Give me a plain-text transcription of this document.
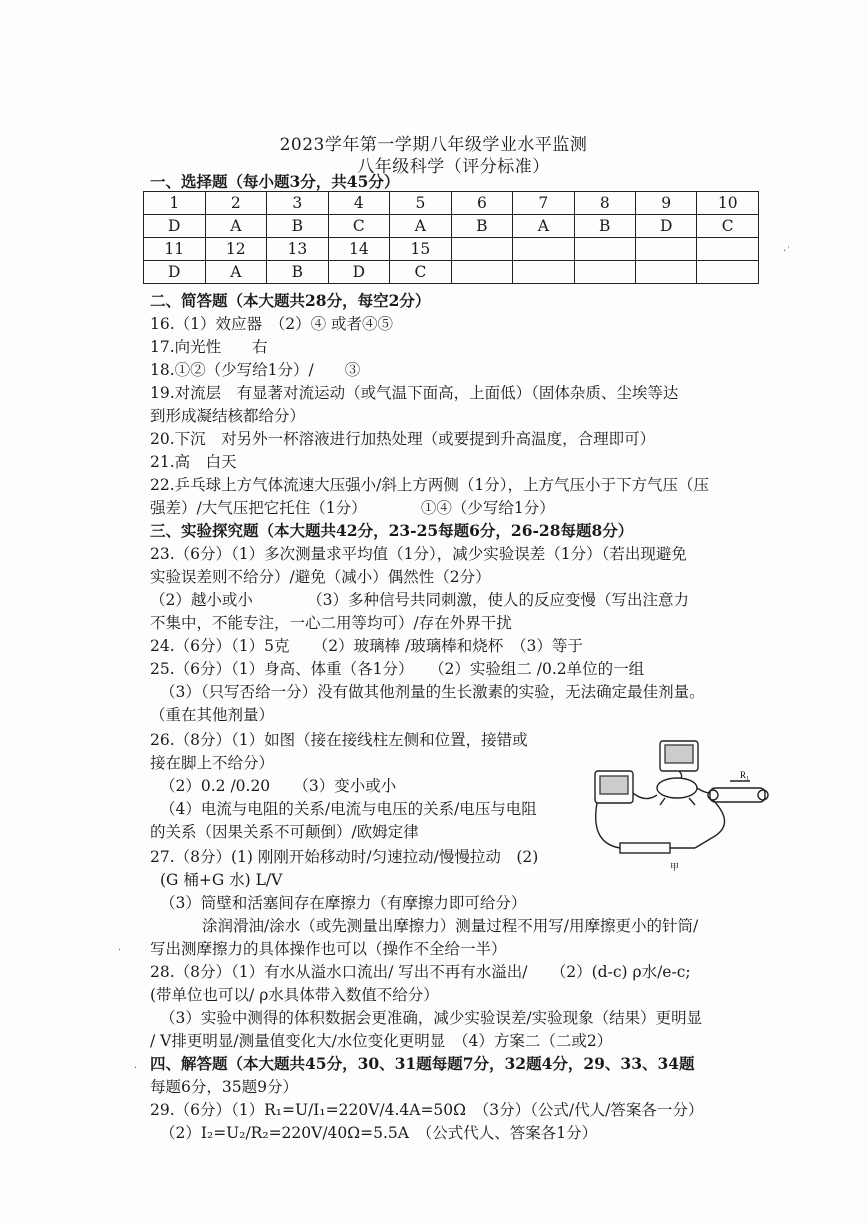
2023学年第一学期八年级学业水平监测
八年级科学（评分标准）
一、选择题（每小题3分，共45分）
1	2	3	4	5	6	7	8	9	10
D	A	B	C	A	B	A	B	D	C
11	12	13	14	15					
D	A	B	D	C					
二、简答题（本大题共28分，每空2分）
16.（1）效应器　（2）④ 或者④⑤
17.向光性　　右
18.①②（少写给1分）/　　③
19.对流层　有显著对流运动（或气温下面高，上面低）（固体杂质、尘埃等达
到形成凝结核都给分）
20.下沉　对另外一杯溶液进行加热处理（或要提到升高温度，合理即可）
21.高　白天
22.乒乓球上方气体流速大压强小/斜上方两侧（1分），上方气压小于下方气压（压
强差）/大气压把它托住（1分）　　　　①④（少写给1分）
三、实验探究题（本大题共42分，23-25每题6分，26-28每题8分）
23.（6分）（1）多次测量求平均值（1分），减少实验误差（1分）（若出现避免
实验误差则不给分）/避免（减小）偶然性（2分）
（2）越小或小　　　　（3）多种信号共同刺激，使人的反应变慢（写出注意力
不集中，不能专注，一心二用等均可）/存在外界干扰
24.（6分）（1）5克　　（2）玻璃棒 /玻璃棒和烧杯　（3）等于
25.（6分）（1）身高、体重（各1分）　　（2）实验组二 /0.2单位的一组
（3）（只写否给一分）没有做其他剂量的生长激素的实验，无法确定最佳剂量。
（重在其他剂量）
26.（8分）（1）如图（接在接线柱左侧和位置，接错或
接在脚上不给分）
（2）0.2 /0.20　　（3）变小或小
（4）电流与电阻的关系/电流与电压的关系/电压与电阻
的关系（因果关系不可颠倒）/欧姆定律
27.（8分）(1) 刚刚开始移动时/匀速拉动/慢慢拉动　(2)
(G 桶+G 水) L/V
（3）筒壁和活塞间存在摩擦力（有摩擦力即可给分）
涂润滑油/涂水（或先测量出摩擦力）测量过程不用写/用摩擦更小的针筒/
写出测摩擦力的具体操作也可以（操作不全给一半）
28.（8分）（1）有水从溢水口流出/ 写出不再有水溢出/　　（2）(d-c) ρ水/e-c;
(带单位也可以/ ρ水具体带入数值不给分）
（3）实验中测得的体积数据会更准确，减少实验误差/实验现象（结果）更明显
/ V排更明显/测量值变化大/水位变化更明显　（4）方案二（二或2）
四、解答题（本大题共45分，30、31题每题7分，32题4分，29、33、34题
每题6分，35题9分）
29.（6分）（1）R₁=U/I₁=220V/4.4A=50Ω　（3分）（公式/代人/答案各一分）
（2）I₂=U₂/R₂=220V/40Ω=5.5A　（公式代人、答案各1分）
R₁
甲
·˙
·
·
